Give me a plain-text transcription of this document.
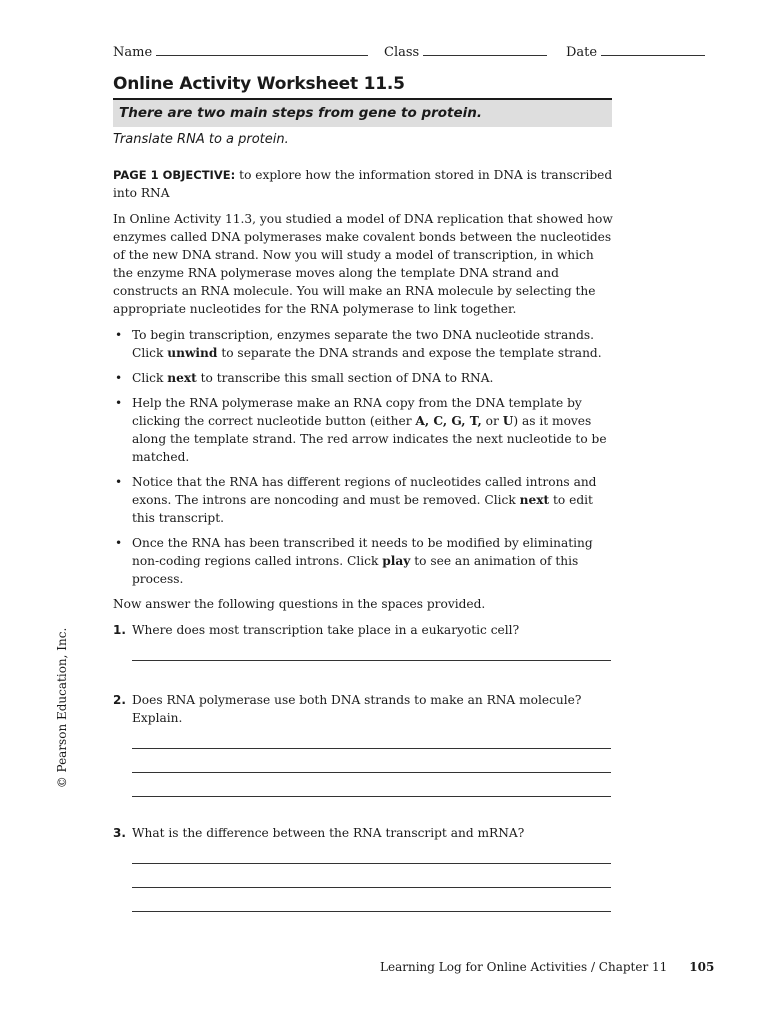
Name	Class	Date
Online Activity Worksheet 11.5
There are two main steps from gene to protein.
Translate RNA to a protein.

PAGE 1 OBJECTIVE: to explore how the information stored in DNA is transcribed into RNA

In Online Activity 11.3, you studied a model of DNA replication that showed how enzymes called DNA polymerases make covalent bonds between the nucleotides of the new DNA strand. Now you will study a model of transcription, in which the enzyme RNA polymerase moves along the template DNA strand and constructs an RNA molecule. You will make an RNA molecule by selecting the appropriate nucleotides for the RNA polymerase to link together.

• To begin transcription, enzymes separate the two DNA nucleotide strands. Click unwind to separate the DNA strands and expose the template strand.
• Click next to transcribe this small section of DNA to RNA.
• Help the RNA polymerase make an RNA copy from the DNA template by clicking the correct nucleotide button (either A, C, G, T, or U) as it moves along the template strand. The red arrow indicates the next nucleotide to be matched.
• Notice that the RNA has different regions of nucleotides called introns and exons. The introns are noncoding and must be removed. Click next to edit this transcript.
• Once the RNA has been transcribed it needs to be modified by eliminating non-coding regions called introns. Click play to see an animation of this process.

Now answer the following questions in the spaces provided.

1. Where does most transcription take place in a eukaryotic cell?
2. Does RNA polymerase use both DNA strands to make an RNA molecule? Explain.
3. What is the difference between the RNA transcript and mRNA?
© Pearson Education, Inc.
Learning Log for Online Activities / Chapter 11 105
